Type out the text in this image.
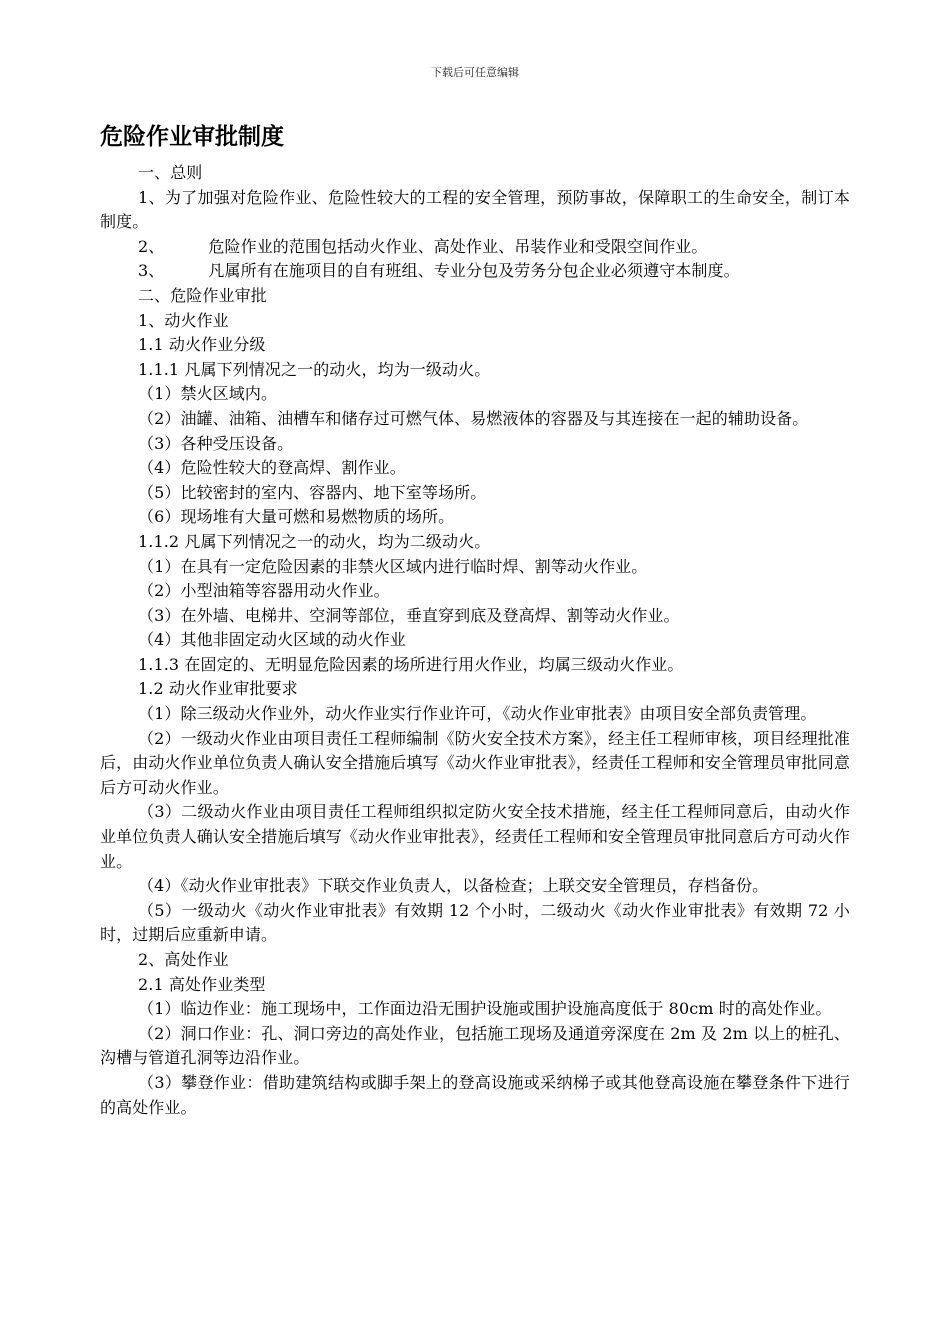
下载后可任意编辑
危险作业审批制度

一、总则

1、为了加强对危险作业、危险性较大的工程的安全管理，预防事故，保障职工的生命安全，制订本制度。

2、	危险作业的范围包括动火作业、高处作业、吊装作业和受限空间作业。

3、	凡属所有在施项目的自有班组、专业分包及劳务分包企业必须遵守本制度。

二、危险作业审批

1、动火作业

1.1 动火作业分级

1.1.1 凡属下列情况之一的动火，均为一级动火。

（1）禁火区域内。

（2）油罐、油箱、油槽车和储存过可燃气体、易燃液体的容器及与其连接在一起的辅助设备。

（3）各种受压设备。

（4）危险性较大的登高焊、割作业。

（5）比较密封的室内、容器内、地下室等场所。

（6）现场堆有大量可燃和易燃物质的场所。

1.1.2 凡属下列情况之一的动火，均为二级动火。

（1）在具有一定危险因素的非禁火区域内进行临时焊、割等动火作业。

（2）小型油箱等容器用动火作业。

（3）在外墙、电梯井、空洞等部位，垂直穿到底及登高焊、割等动火作业。

（4）其他非固定动火区域的动火作业

1.1.3 在固定的、无明显危险因素的场所进行用火作业，均属三级动火作业。

1.2 动火作业审批要求

（1）除三级动火作业外，动火作业实行作业许可，《动火作业审批表》由项目安全部负责管理。

（2）一级动火作业由项目责任工程师编制《防火安全技术方案》，经主任工程师审核，项目经理批准后，由动火作业单位负责人确认安全措施后填写《动火作业审批表》，经责任工程师和安全管理员审批同意后方可动火作业。

（3）二级动火作业由项目责任工程师组织拟定防火安全技术措施，经主任工程师同意后，由动火作业单位负责人确认安全措施后填写《动火作业审批表》，经责任工程师和安全管理员审批同意后方可动火作业。

（4）《动火作业审批表》下联交作业负责人，以备检查；上联交安全管理员，存档备份。

（5）一级动火《动火作业审批表》有效期 12 个小时，二级动火《动火作业审批表》有效期 72 小时，过期后应重新申请。

2、高处作业

2.1 高处作业类型

（1）临边作业：施工现场中，工作面边沿无围护设施或围护设施高度低于 80cm 时的高处作业。

（2）洞口作业：孔、洞口旁边的高处作业，包括施工现场及通道旁深度在 2m 及 2m 以上的桩孔、沟槽与管道孔洞等边沿作业。

（3）攀登作业：借助建筑结构或脚手架上的登高设施或采纳梯子或其他登高设施在攀登条件下进行的高处作业。
